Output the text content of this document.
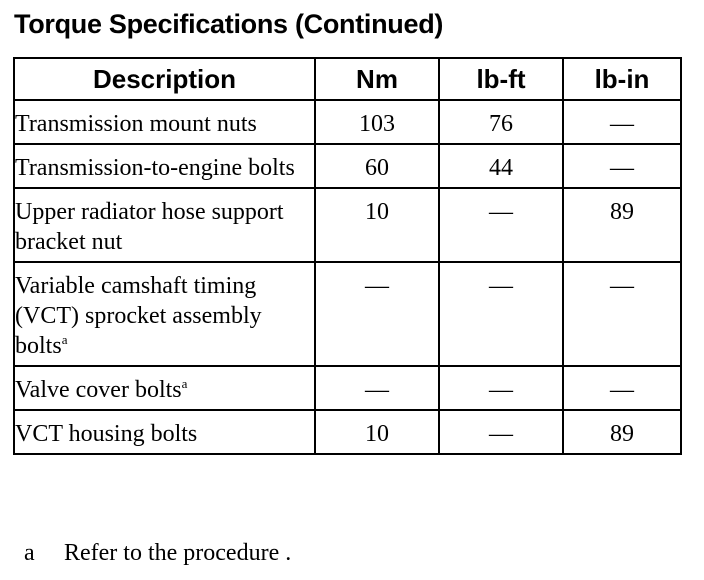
Torque Specifications (Continued)
Description	Nm	lb-ft	lb-in
Transmission mount nuts	103	76	—
Transmission-to-engine bolts	60	44	—
Upper radiator hose support bracket nut	10	—	89
Variable camshaft timing (VCT) sprocket assembly bolts$^a$	—	—	—
Valve cover bolts$^a$	—	—	—
VCT housing bolts	10	—	89
a Refer to the procedure .
